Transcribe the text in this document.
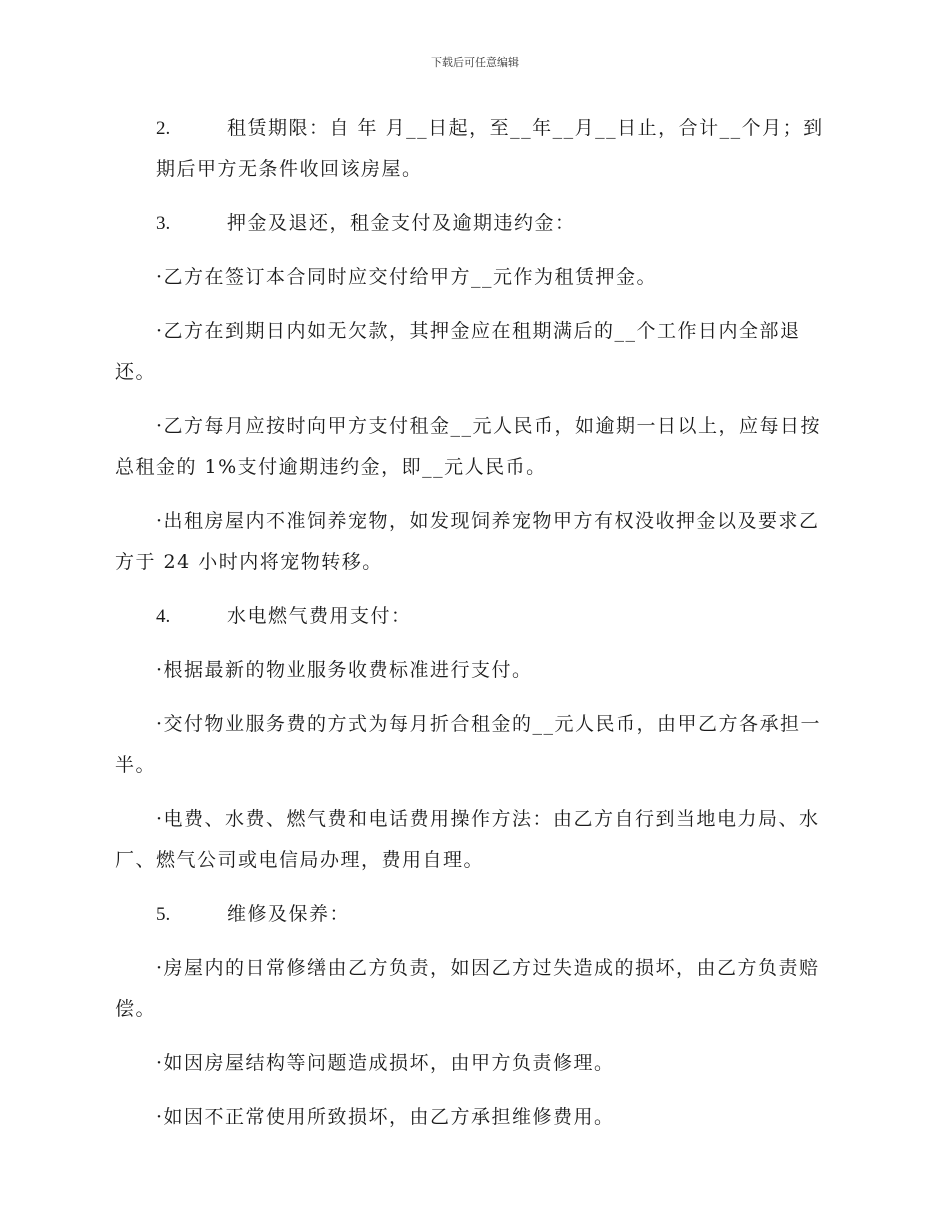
下载后可任意编辑

2.	租赁期限：自 年 月__日起，至__年__月__日止，合计__个月；到期后甲方无条件收回该房屋。

3.	押金及退还，租金支付及逾期违约金：

·乙方在签订本合同时应交付给甲方__元作为租赁押金。

·乙方在到期日内如无欠款，其押金应在租期满后的__个工作日内全部退还。

·乙方每月应按时向甲方支付租金__元人民币，如逾期一日以上，应每日按总租金的 1%支付逾期违约金，即__元人民币。

·出租房屋内不准饲养宠物，如发现饲养宠物甲方有权没收押金以及要求乙方于 24 小时内将宠物转移。

4.	水电燃气费用支付：

·根据最新的物业服务收费标准进行支付。

·交付物业服务费的方式为每月折合租金的__元人民币，由甲乙方各承担一半。

·电费、水费、燃气费和电话费用操作方法：由乙方自行到当地电力局、水厂、燃气公司或电信局办理，费用自理。

5.	维修及保养：

·房屋内的日常修缮由乙方负责，如因乙方过失造成的损坏，由乙方负责赔偿。

·如因房屋结构等问题造成损坏，由甲方负责修理。

·如因不正常使用所致损坏，由乙方承担维修费用。
